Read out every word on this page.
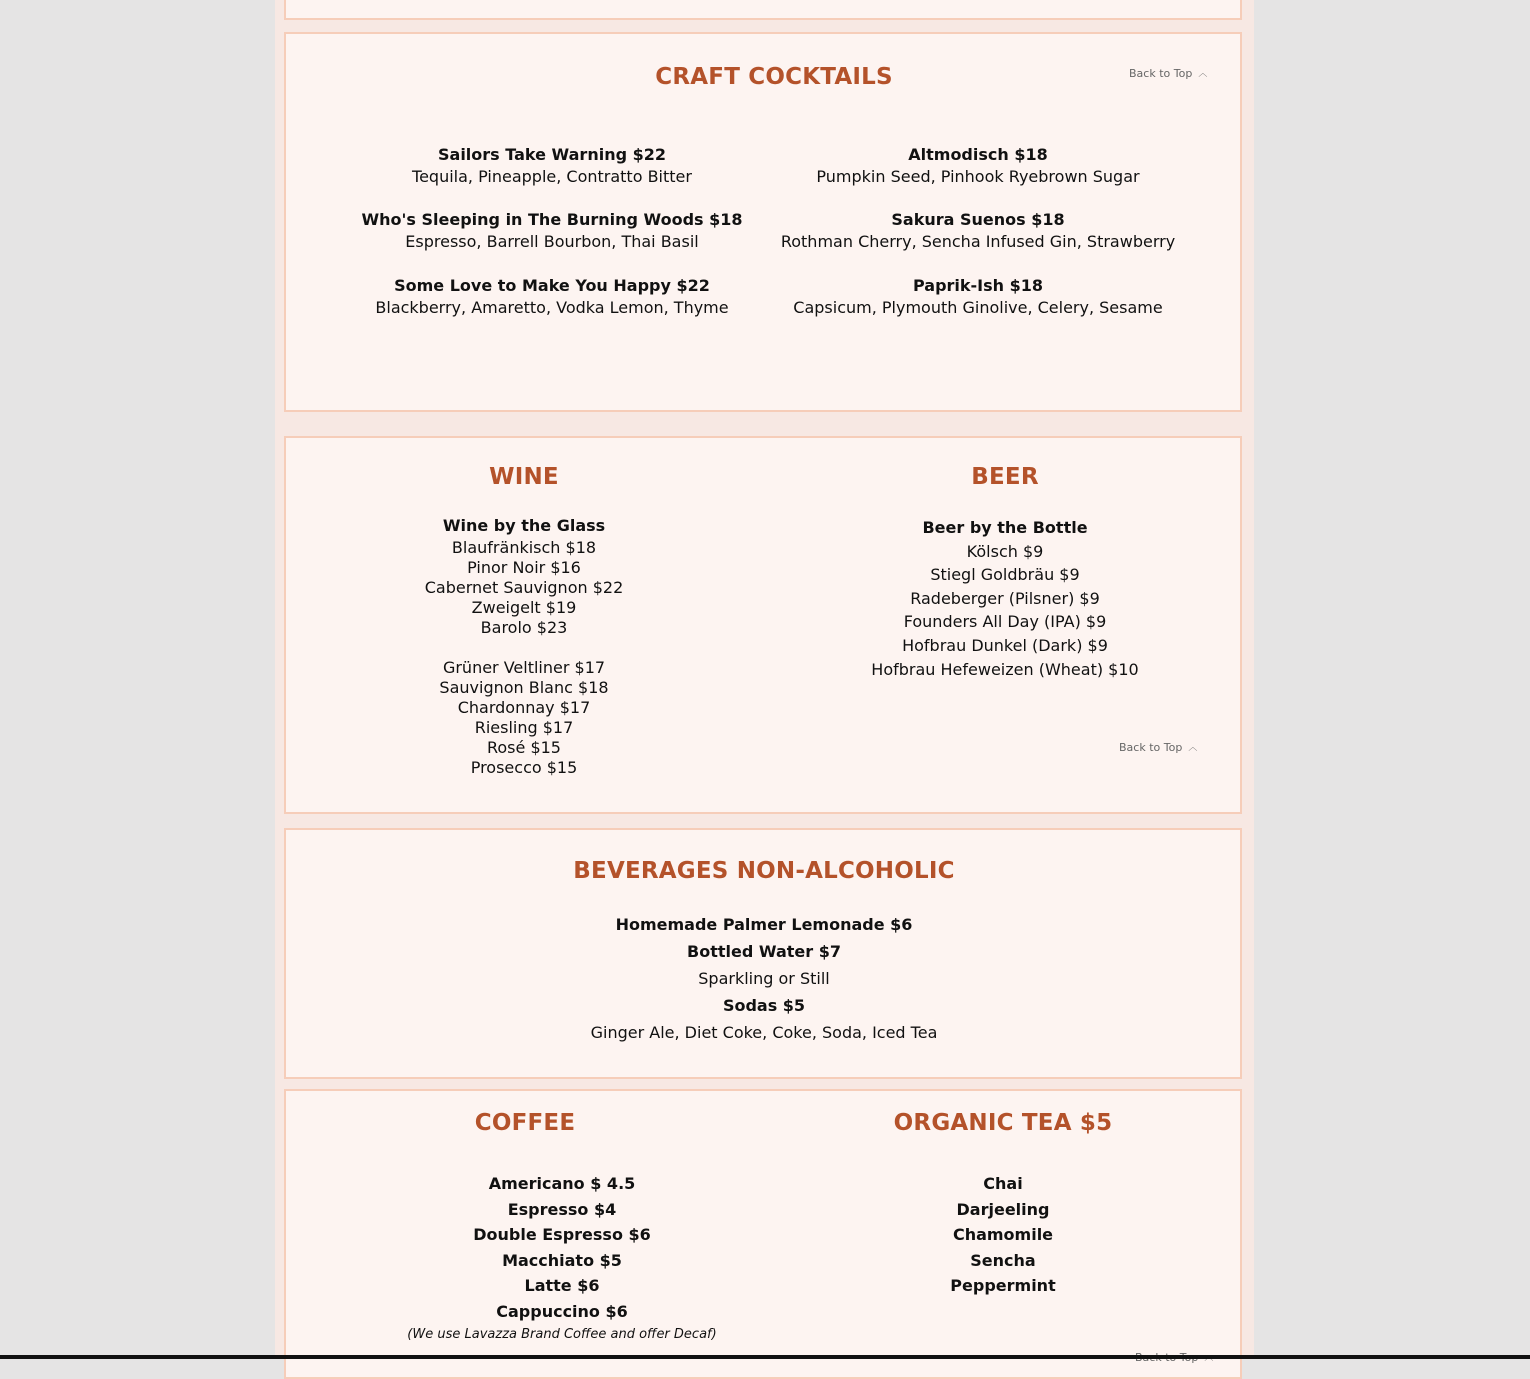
CRAFT COCKTAILS	Back to Top ︿
Sailors Take Warning $22
Tequila, Pineapple, Contratto Bitter
Who's Sleeping in The Burning Woods $18
Espresso, Barrell Bourbon, Thai Basil
Some Love to Make You Happy $22
Blackberry, Amaretto, Vodka Lemon, Thyme
Altmodisch $18
Pumpkin Seed, Pinhook Ryebrown Sugar
Sakura Suenos $18
Rothman Cherry, Sencha Infused Gin, Strawberry
Paprik-Ish $18
Capsicum, Plymouth Ginolive, Celery, Sesame
WINE
Wine by the Glass
Blaufränkisch $18
Pinor Noir $16
Cabernet Sauvignon $22
Zweigelt $19
Barolo $23
Grüner Veltliner $17
Sauvignon Blanc $18
Chardonnay $17
Riesling $17
Rosé $15
Prosecco $15
BEER
Beer by the Bottle
Kölsch $9
Stiegl Goldbräu $9
Radeberger (Pilsner) $9
Founders All Day (IPA) $9
Hofbrau Dunkel (Dark) $9
Hofbrau Hefeweizen (Wheat) $10
Back to Top ︿
BEVERAGES NON-ALCOHOLIC
Homemade Palmer Lemonade $6
Bottled Water $7
Sparkling or Still
Sodas $5
Ginger Ale, Diet Coke, Coke, Soda, Iced Tea
COFFEE
Americano $ 4.5
Espresso $4
Double Espresso $6
Macchiato $5
Latte $6
Cappuccino $6
(We use Lavazza Brand Coffee and offer Decaf)
ORGANIC TEA $5
Chai
Darjeeling
Chamomile
Sencha
Peppermint
